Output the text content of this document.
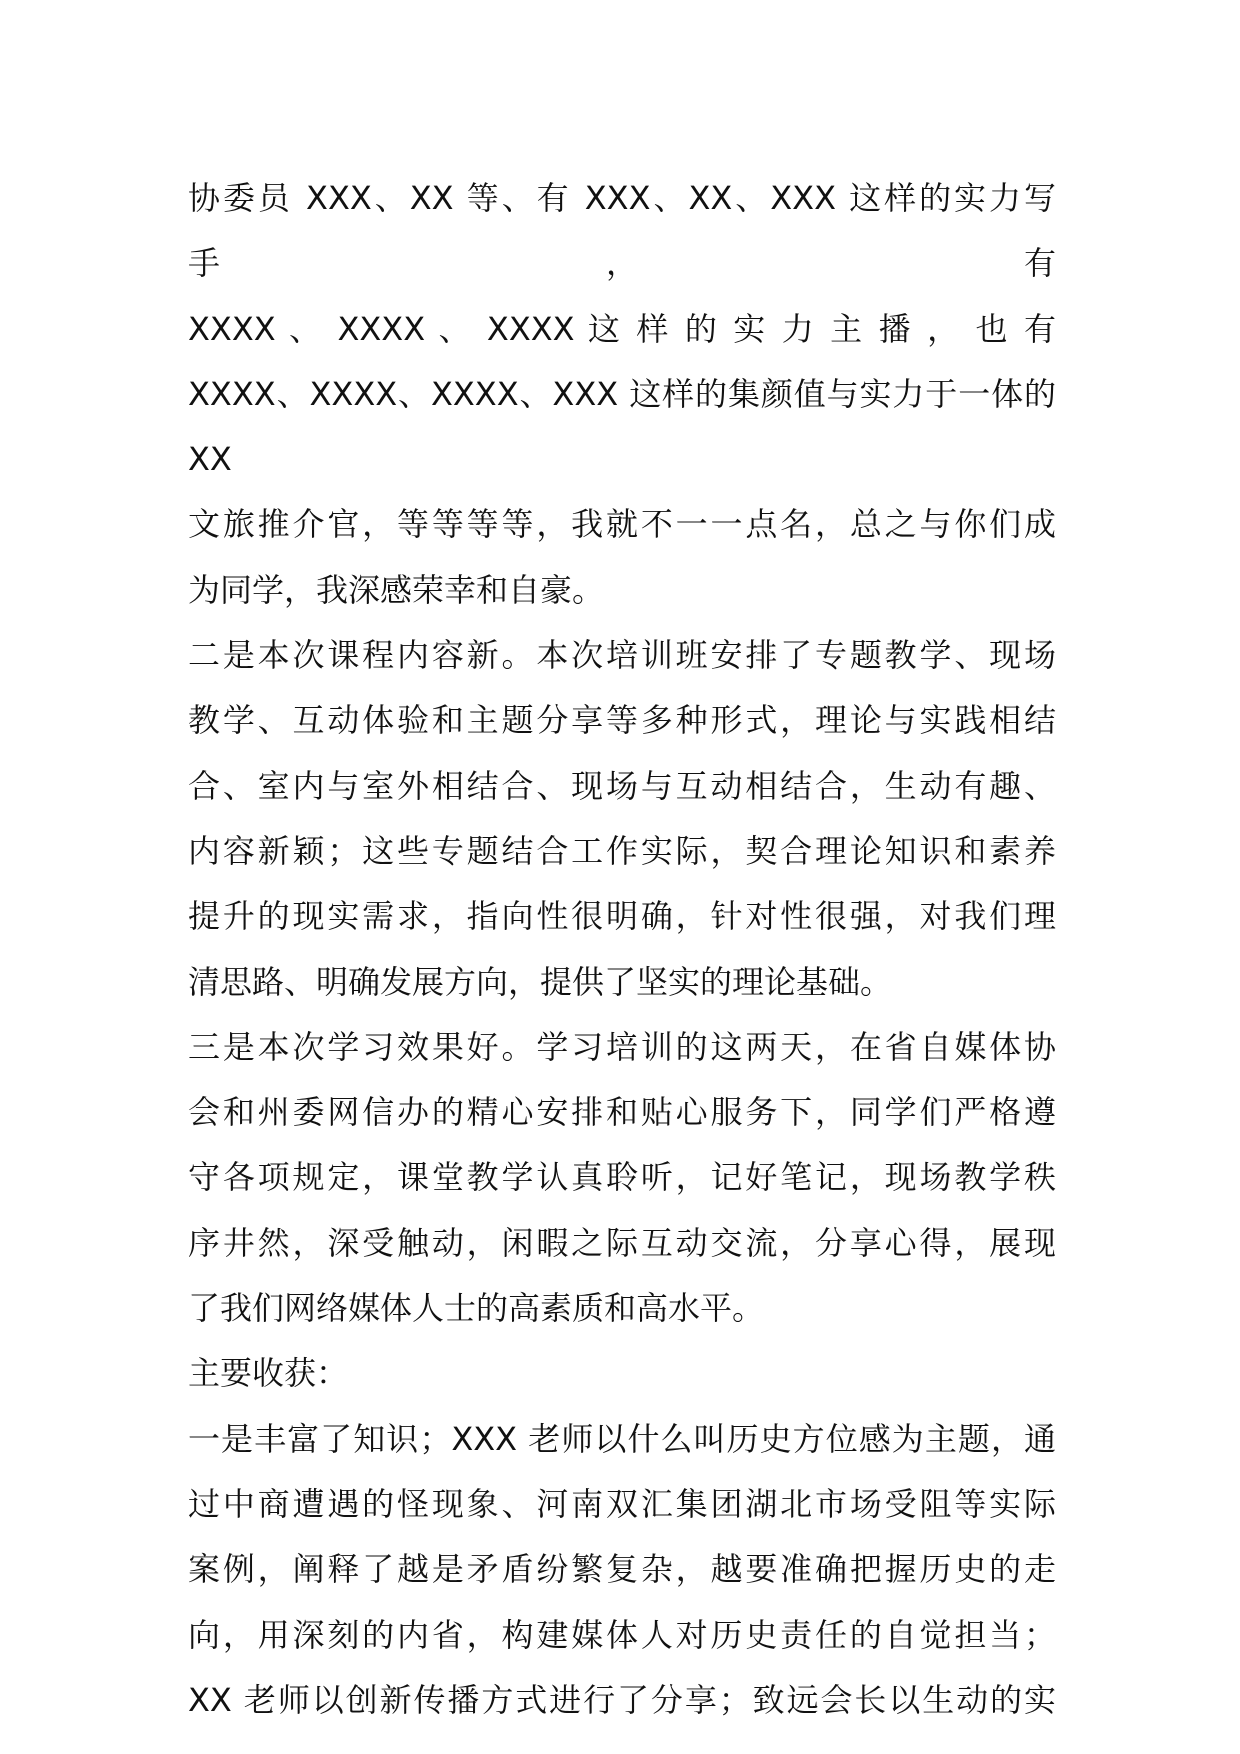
协委员 XXX、XX 等、有 XXX、XX、XXX 这样的实力写手，有
XXXX 、 XXXX 、 XXXX 这 样 的 实 力 主 播 ， 也 有
XXXX、XXXX、XXXX、XXX 这样的集颜值与实力于一体的 XX
文旅推介官，等等等等，我就不一一点名，总之与你们成
为同学，我深感荣幸和自豪。

二是本次课程内容新。本次培训班安排了专题教学、现场
教学、互动体验和主题分享等多种形式，理论与实践相结
合、室内与室外相结合、现场与互动相结合，生动有趣、
内容新颖；这些专题结合工作实际，契合理论知识和素养
提升的现实需求，指向性很明确，针对性很强，对我们理
清思路、明确发展方向，提供了坚实的理论基础。

三是本次学习效果好。学习培训的这两天，在省自媒体协
会和州委网信办的精心安排和贴心服务下，同学们严格遵
守各项规定，课堂教学认真聆听，记好笔记，现场教学秩
序井然，深受触动，闲暇之际互动交流，分享心得，展现
了我们网络媒体人士的高素质和高水平。

主要收获：

一是丰富了知识；XXX 老师以什么叫历史方位感为主题，通
过中商遭遇的怪现象、河南双汇集团湖北市场受阻等实际
案例，阐释了越是矛盾纷繁复杂，越要准确把握历史的走
向，用深刻的内省，构建媒体人对历史责任的自觉担当；
XX 老师以创新传播方式进行了分享；致远会长以生动的实
